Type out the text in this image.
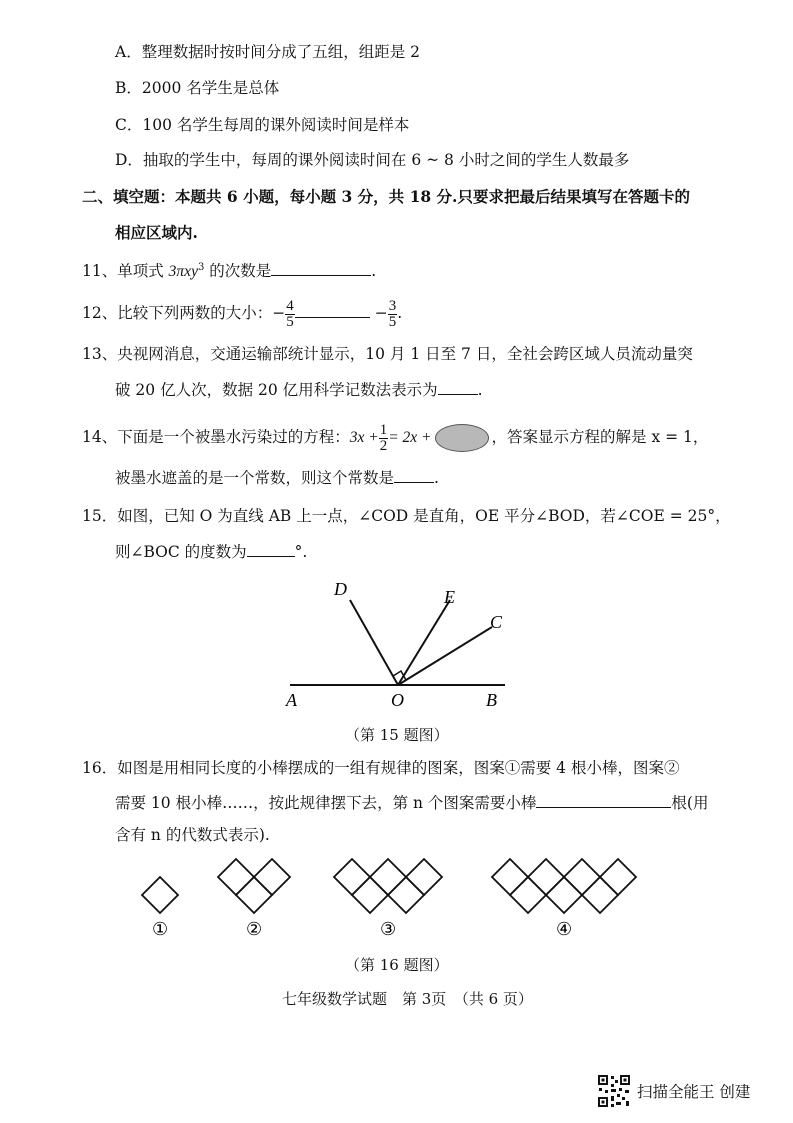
A．整理数据时按时间分成了五组，组距是 2
B．2000 名学生是总体
C．100 名学生每周的课外阅读时间是样本
D．抽取的学生中，每周的课外阅读时间在 6 ~ 8 小时之间的学生人数最多
二、填空题：本题共 6 小题，每小题 3 分，共 18 分.只要求把最后结果填写在答题卡的
相应区域内.
11、单项式 3πxy$^3$ 的次数是	.
12、比较下列两数的大小：− $\frac{4}{5}$	− $\frac{3}{5}$ .
13、央视网消息，交通运输部统计显示，10 月 1 日至 7 日，全社会跨区域人员流动量突
破 20 亿人次，数据 20 亿用科学记数法表示为	.
14、下面是一个被墨水污染过的方程：$3x + \frac{1}{2} = 2x$ +	，答案显示方程的解是 x = 1，
被墨水遮盖的是一个常数，则这个常数是	.
15．如图，已知 O 为直线 AB 上一点，∠COD 是直角，OE 平分∠BOD，若∠COE = 25°，
则∠BOC 的度数为	°.
A	B
O
C
D	E
（第 15 题图）
16．如图是用相同长度的小棒摆成的一组有规律的图案，图案①需要 4 根小棒，图案②
需要 10 根小棒……，按此规律摆下去，第 n 个图案需要小棒	根(用
含有 n 的代数式表示).
①	②	③	④
（第 16 题图）
七年级数学试题　第 3页　（共 6 页）
扫描全能王 创建
